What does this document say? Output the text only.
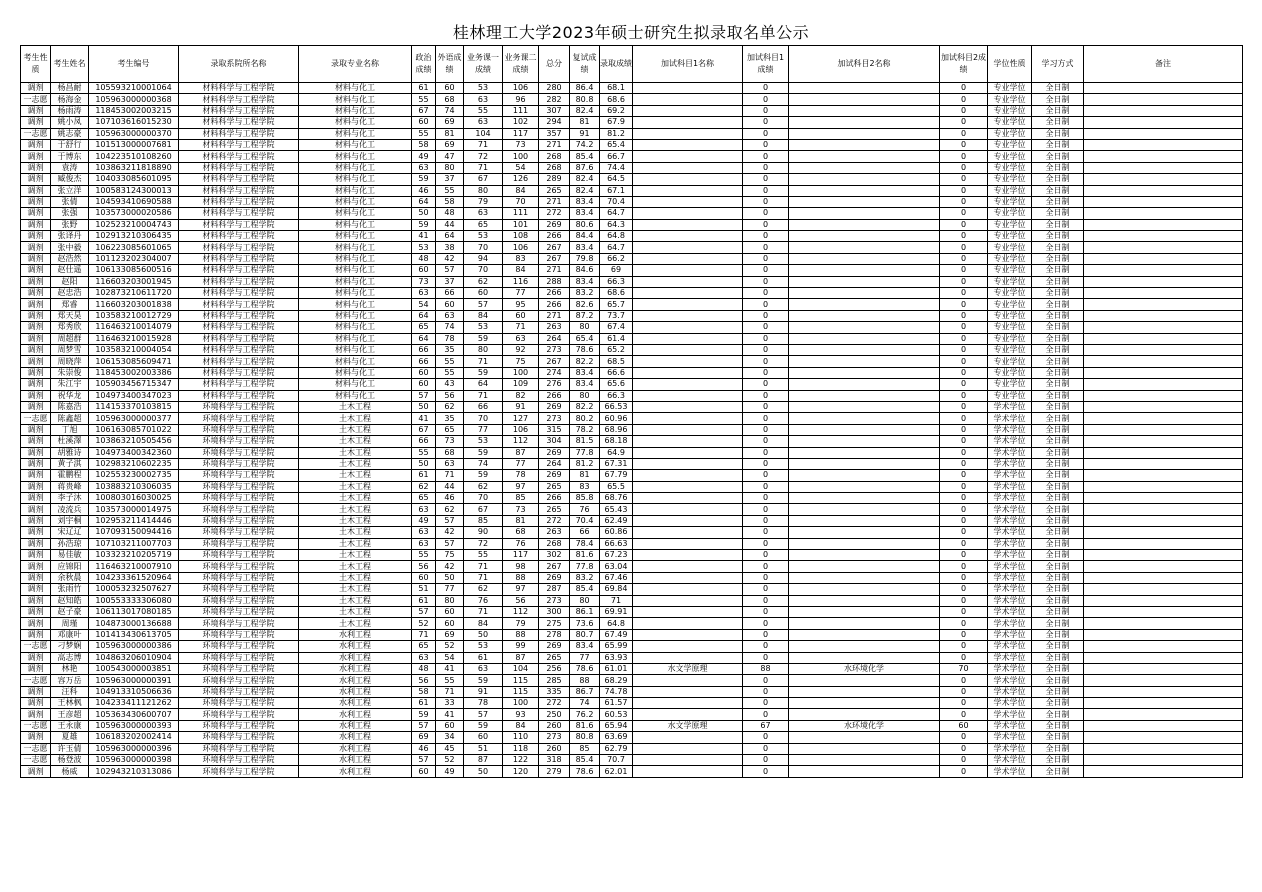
桂林理工大学2023年硕士研究生拟录取名单公示
考生性质	考生姓名	考生编号	录取系院所名称	录取专业名称	政治成绩	外语成绩	业务课一成绩	业务课二成绩	总分	复试成绩	录取成绩	加试科目1名称	加试科目1成绩	加试科目2名称	加试科目2成绩	学位性质	学习方式	备注
调剂	杨昌耐	105593210001064	材料科学与工程学院	材料与化工	61	60	53	106	280	86.4	68.1		0		0	专业学位	全日制	
一志愿	杨海金	105963000000368	材料科学与工程学院	材料与化工	55	68	63	96	282	80.8	68.6		0		0	专业学位	全日制	
调剂	杨雨涛	118453002003215	材料科学与工程学院	材料与化工	67	74	55	111	307	82.4	69.2		0		0	专业学位	全日制	
调剂	姚小凤	107103616015230	材料科学与工程学院	材料与化工	60	69	63	102	294	81	67.9		0		0	专业学位	全日制	
一志愿	姚志豪	105963000000370	材料科学与工程学院	材料与化工	55	81	104	117	357	91	81.2		0		0	专业学位	全日制	
调剂	于舒行	101513000007681	材料科学与工程学院	材料与化工	58	69	71	73	271	74.2	65.4		0		0	专业学位	全日制	
调剂	于博东	104223510108260	材料科学与工程学院	材料与化工	49	47	72	100	268	85.4	66.7		0		0	专业学位	全日制	
调剂	袁涛	103863211818890	材料科学与工程学院	材料与化工	63	80	71	54	268	87.6	74.4		0		0	专业学位	全日制	
调剂	臧俊杰	104033085601095	材料科学与工程学院	材料与化工	59	37	67	126	289	82.4	64.5		0		0	专业学位	全日制	
调剂	张立洋	100583124300013	材料科学与工程学院	材料与化工	46	55	80	84	265	82.4	67.1		0		0	专业学位	全日制	
调剂	张倩	104593410690588	材料科学与工程学院	材料与化工	64	58	79	70	271	83.4	70.4		0		0	专业学位	全日制	
调剂	张强	103573000020586	材料科学与工程学院	材料与化工	50	48	63	111	272	83.4	64.7		0		0	专业学位	全日制	
调剂	张野	102523210004743	材料科学与工程学院	材料与化工	59	44	65	101	269	80.6	64.3		0		0	专业学位	全日制	
调剂	张译丹	102913210306435	材料科学与工程学院	材料与化工	41	64	53	108	266	84.4	64.8		0		0	专业学位	全日制	
调剂	张中毅	106223085601065	材料科学与工程学院	材料与化工	53	38	70	106	267	83.4	64.7		0		0	专业学位	全日制	
调剂	赵浩然	101123202304007	材料科学与工程学院	材料与化工	48	42	94	83	267	79.8	66.2		0		0	专业学位	全日制	
调剂	赵仕遥	106133085600516	材料科学与工程学院	材料与化工	60	57	70	84	271	84.6	69		0		0	专业学位	全日制	
调剂	赵阳	116603203001945	材料科学与工程学院	材料与化工	73	37	62	116	288	83.4	66.3		0		0	专业学位	全日制	
调剂	赵忠浩	102873210611720	材料科学与工程学院	材料与化工	63	66	60	77	266	83.2	68.6		0		0	专业学位	全日制	
调剂	郑睿	116603203001838	材料科学与工程学院	材料与化工	54	60	57	95	266	82.6	65.7		0		0	专业学位	全日制	
调剂	郑天昊	103583210012729	材料科学与工程学院	材料与化工	64	63	84	60	271	87.2	73.7		0		0	专业学位	全日制	
调剂	郑秀欣	116463210014079	材料科学与工程学院	材料与化工	65	74	53	71	263	80	67.4		0		0	专业学位	全日制	
调剂	周超群	116463210015928	材料科学与工程学院	材料与化工	64	78	59	63	264	65.4	61.4		0		0	专业学位	全日制	
调剂	周梦雪	103583210004054	材料科学与工程学院	材料与化工	66	35	80	92	273	78.6	65.2		0		0	专业学位	全日制	
调剂	周晓萍	106153085609471	材料科学与工程学院	材料与化工	66	55	71	75	267	82.2	68.5		0		0	专业学位	全日制	
调剂	朱崇俊	118453002003386	材料科学与工程学院	材料与化工	60	55	59	100	274	83.4	66.6		0		0	专业学位	全日制	
调剂	朱江宇	105903456715347	材料科学与工程学院	材料与化工	60	43	64	109	276	83.4	65.6		0		0	专业学位	全日制	
调剂	祝华龙	104973400347023	材料科学与工程学院	材料与化工	57	56	71	82	266	80	66.3		0		0	专业学位	全日制	
调剂	陈嘉浩	114153370103815	环境科学与工程学院	土木工程	50	62	66	91	269	82.2	66.53		0		0	学术学位	全日制	
一志愿	陈鑫超	105963000000377	环境科学与工程学院	土木工程	41	35	70	127	273	80.2	60.96		0		0	学术学位	全日制	
调剂	丁旭	106163085701022	环境科学与工程学院	土木工程	67	65	77	106	315	78.2	68.96		0		0	学术学位	全日制	
调剂	杜溪澤	103863210505456	环境科学与工程学院	土木工程	66	73	53	112	304	81.5	68.18		0		0	学术学位	全日制	
调剂	胡雅诗	104973400342360	环境科学与工程学院	土木工程	55	68	59	87	269	77.8	64.9		0		0	学术学位	全日制	
调剂	黄子淇	102983210602235	环境科学与工程学院	土木工程	50	63	74	77	264	81.2	67.31		0		0	学术学位	全日制	
调剂	霍鹏程	102553230002735	环境科学与工程学院	土木工程	61	71	59	78	269	81	67.79		0		0	学术学位	全日制	
调剂	蒋贵峰	103883210306035	环境科学与工程学院	土木工程	62	44	62	97	265	83	65.5		0		0	学术学位	全日制	
调剂	李子沐	100803016030025	环境科学与工程学院	土木工程	65	46	70	85	266	85.8	68.76		0		0	学术学位	全日制	
调剂	凌流兵	103573000014975	环境科学与工程学院	土木工程	63	62	67	73	265	76	65.43		0		0	学术学位	全日制	
调剂	刘宇桐	102953211414446	环境科学与工程学院	土木工程	49	57	85	81	272	70.4	62.49		0		0	学术学位	全日制	
调剂	宋辽辽	107093150094416	环境科学与工程学院	土木工程	63	42	90	68	263	66	60.86		0		0	学术学位	全日制	
调剂	孙浩琼	107103211007703	环境科学与工程学院	土木工程	63	57	72	76	268	78.4	66.63		0		0	学术学位	全日制	
调剂	易佳敏	103323210205719	环境科学与工程学院	土木工程	55	75	55	117	302	81.6	67.23		0		0	学术学位	全日制	
调剂	应锦阳	116463210007910	环境科学与工程学院	土木工程	56	42	71	98	267	77.8	63.04		0		0	学术学位	全日制	
调剂	余秋晨	104233361520964	环境科学与工程学院	土木工程	60	50	71	88	269	83.2	67.46		0		0	学术学位	全日制	
调剂	张雨竹	100053232507627	环境科学与工程学院	土木工程	51	77	62	97	287	85.4	69.84		0		0	学术学位	全日制	
调剂	赵知皓	100553333306080	环境科学与工程学院	土木工程	61	80	76	56	273	80	71		0		0	学术学位	全日制	
调剂	赵子豪	106113017080185	环境科学与工程学院	土木工程	57	60	71	112	300	86.1	69.91		0		0	学术学位	全日制	
调剂	周瑾	104873000136688	环境科学与工程学院	土木工程	52	60	84	79	275	73.6	64.8		0		0	学术学位	全日制	
调剂	邓康叶	101413430613705	环境科学与工程学院	水利工程	71	69	50	88	278	80.7	67.49		0		0	学术学位	全日制	
一志愿	刁梦娴	105963000000386	环境科学与工程学院	水利工程	65	52	53	99	269	83.4	65.99		0		0	学术学位	全日制	
调剂	高志博	104863206010904	环境科学与工程学院	水利工程	63	54	61	87	265	77	63.93		0		0	学术学位	全日制	
调剂	林艳	100543000003851	环境科学与工程学院	水利工程	48	41	63	104	256	78.6	61.01	水文学原理	88	水环境化学	70	学术学位	全日制	
一志愿	容万岳	105963000000391	环境科学与工程学院	水利工程	56	55	59	115	285	88	68.29		0		0	学术学位	全日制	
调剂	汪科	104913310506636	环境科学与工程学院	水利工程	58	71	91	115	335	86.7	74.78		0		0	学术学位	全日制	
调剂	王林枫	104233411121262	环境科学与工程学院	水利工程	61	33	78	100	272	74	61.57		0		0	学术学位	全日制	
调剂	王彦超	105363430600707	环境科学与工程学院	水利工程	59	41	57	93	250	76.2	60.53		0		0	学术学位	全日制	
一志愿	王永康	105963000000393	环境科学与工程学院	水利工程	57	60	59	84	260	81.6	65.94	水文学原理	67	水环境化学	60	学术学位	全日制	
调剂	夏雄	106183202002414	环境科学与工程学院	水利工程	69	34	60	110	273	80.8	63.69		0		0	学术学位	全日制	
一志愿	许玉倩	105963000000396	环境科学与工程学院	水利工程	46	45	51	118	260	85	62.79		0		0	学术学位	全日制	
一志愿	杨登波	105963000000398	环境科学与工程学院	水利工程	57	52	87	122	318	85.4	70.7		0		0	学术学位	全日制	
调剂	杨威	102943210313086	环境科学与工程学院	水利工程	60	49	50	120	279	78.6	62.01		0		0	学术学位	全日制	
